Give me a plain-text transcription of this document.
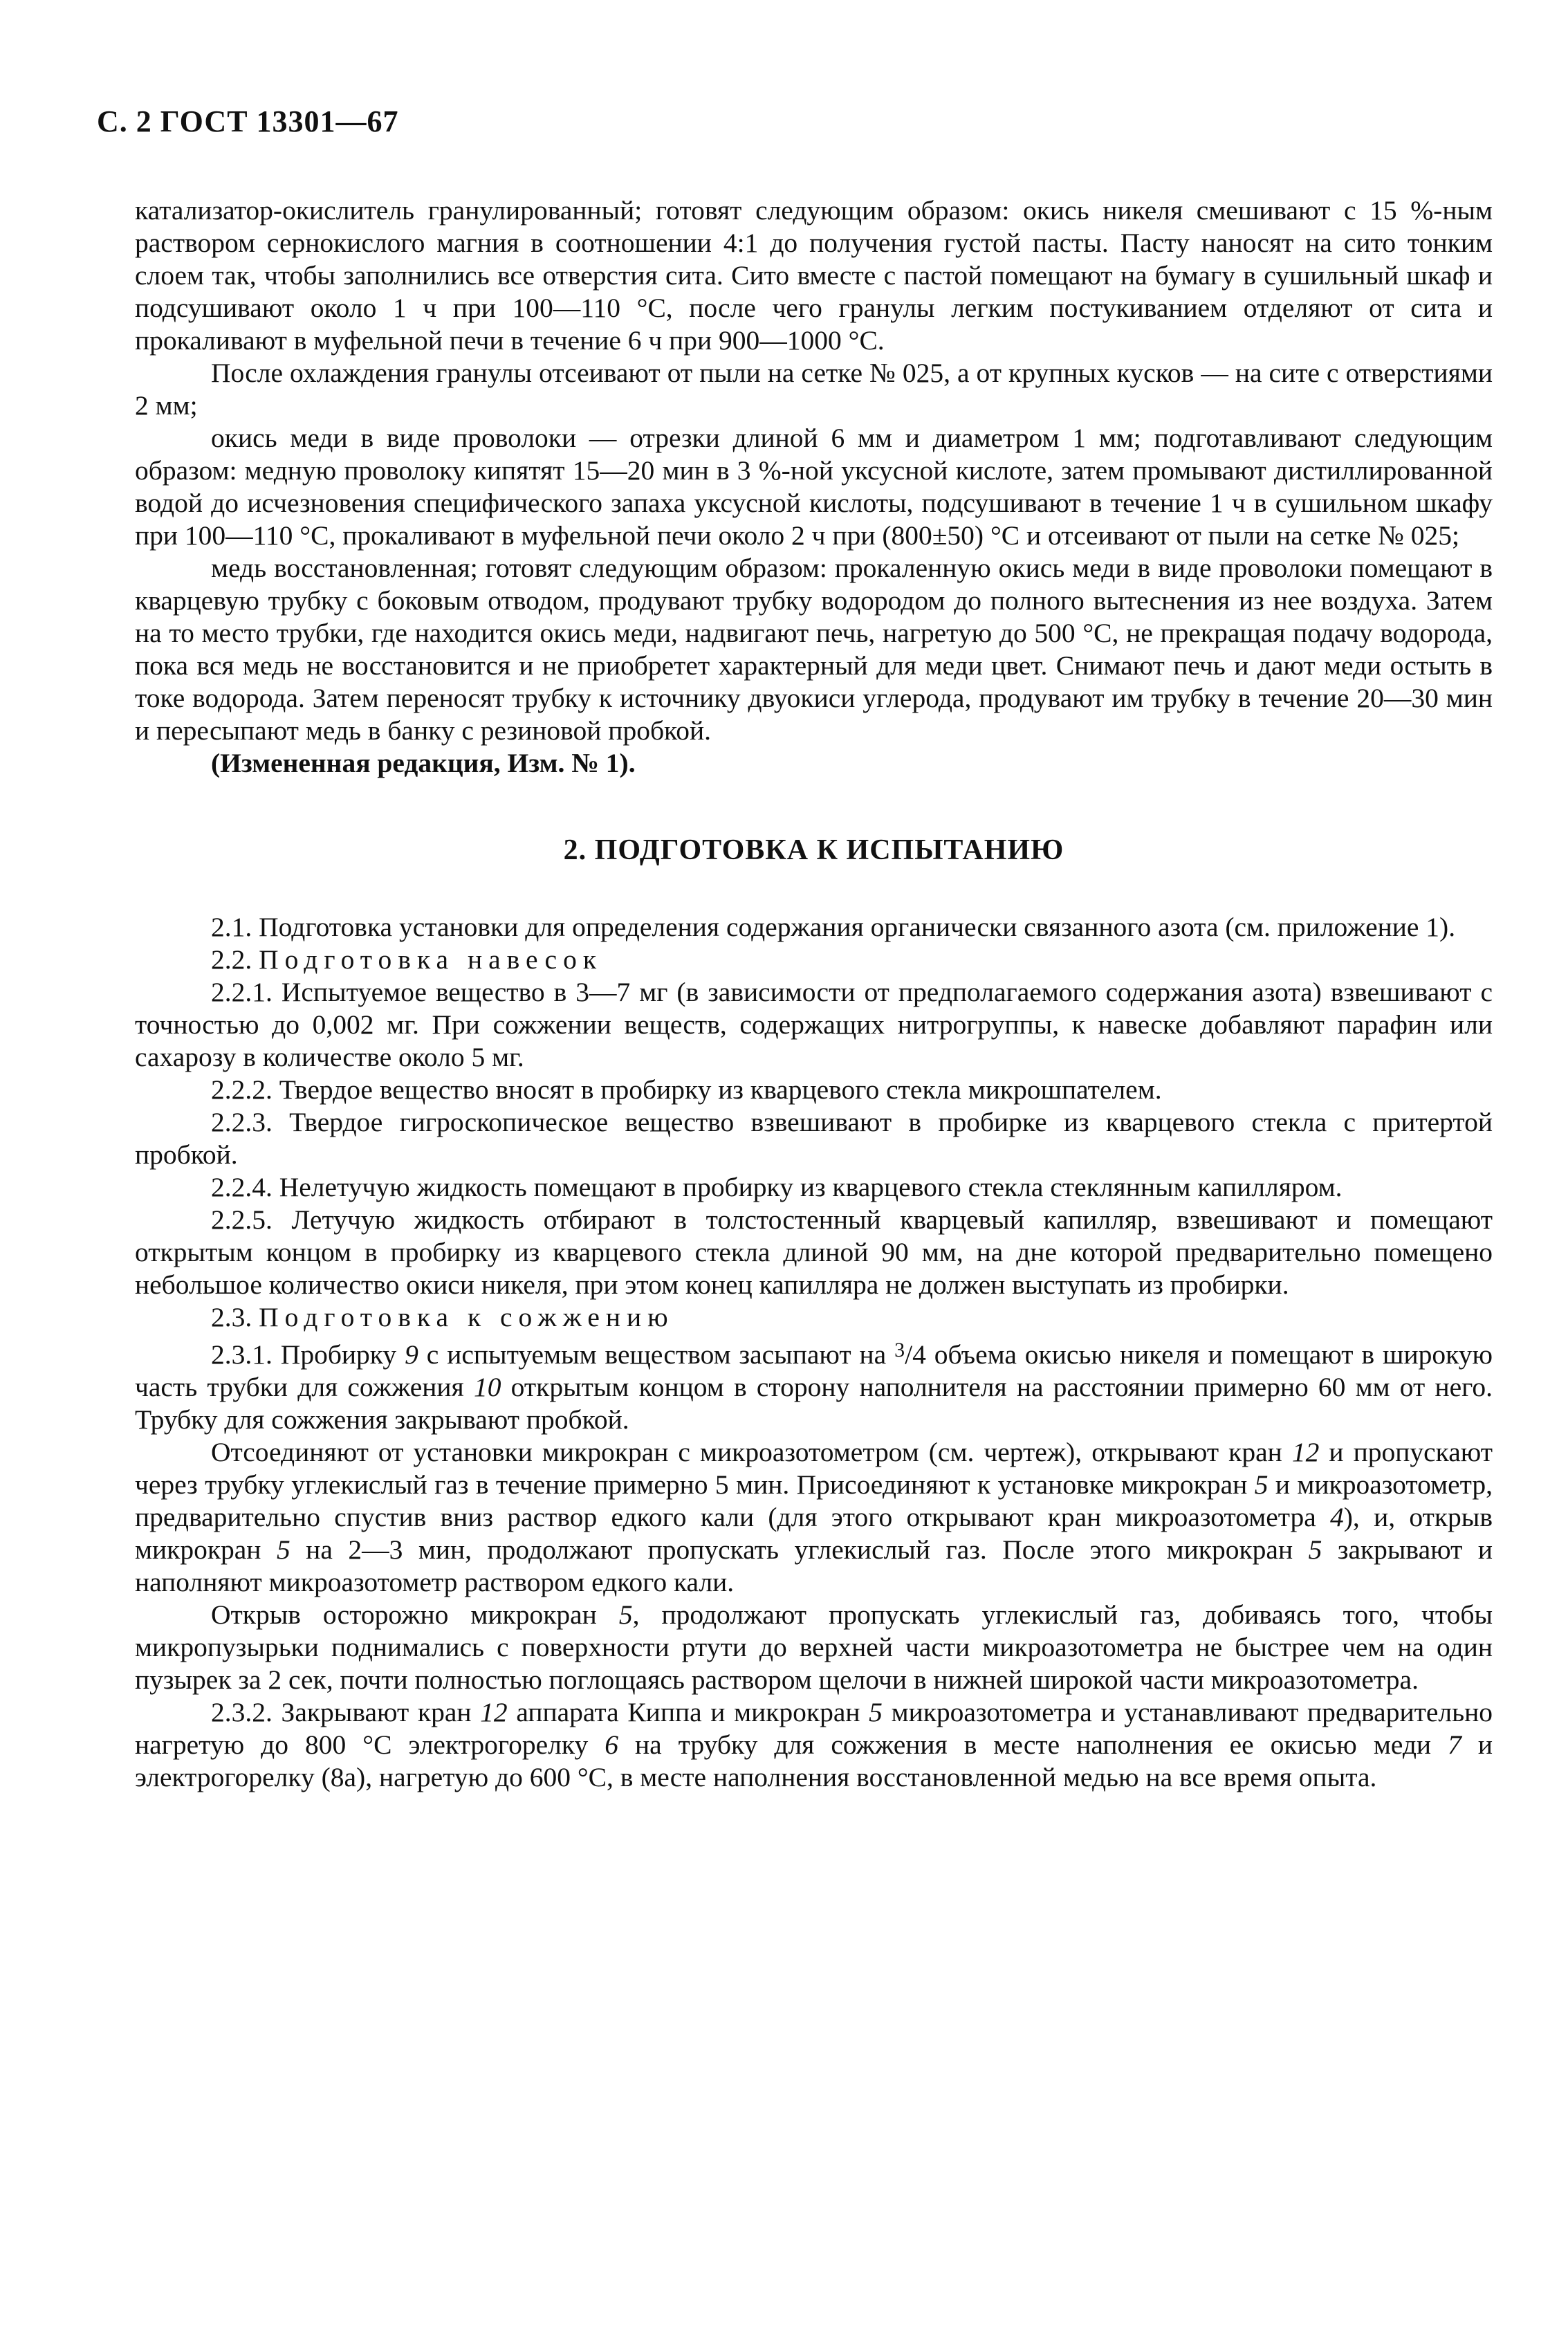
С. 2 ГОСТ 13301—67

катализатор-окислитель гранулированный; готовят следующим образом: окись никеля смешивают с 15 %-ным раствором сернокислого магния в соотношении 4:1 до получения густой пасты. Пасту наносят на сито тонким слоем так, чтобы заполнились все отверстия сита. Сито вместе с пастой помещают на бумагу в сушильный шкаф и подсушивают около 1 ч при 100—110 °С, после чего гранулы легким постукиванием отделяют от сита и прокаливают в муфельной печи в течение 6 ч при 900—1000 °С.

После охлаждения гранулы отсеивают от пыли на сетке № 025, а от крупных кусков — на сите с отверстиями 2 мм;

окись меди в виде проволоки — отрезки длиной 6 мм и диаметром 1 мм; подготавливают следующим образом: медную проволоку кипятят 15—20 мин в 3 %-ной уксусной кислоте, затем промывают дистиллированной водой до исчезновения специфического запаха уксусной кислоты, подсушивают в течение 1 ч в сушильном шкафу при 100—110 °С, прокаливают в муфельной печи около 2 ч при (800±50) °С и отсеивают от пыли на сетке № 025;

медь восстановленная; готовят следующим образом: прокаленную окись меди в виде проволоки помещают в кварцевую трубку с боковым отводом, продувают трубку водородом до полного вытеснения из нее воздуха. Затем на то место трубки, где находится окись меди, надвигают печь, нагретую до 500 °С, не прекращая подачу водорода, пока вся медь не восстановится и не приобретет характерный для меди цвет. Снимают печь и дают меди остыть в токе водорода. Затем переносят трубку к источнику двуокиси углерода, продувают им трубку в течение 20—30 мин и пересыпают медь в банку с резиновой пробкой.

(Измененная редакция, Изм. № 1).

2. ПОДГОТОВКА К ИСПЫТАНИЮ

2.1. Подготовка установки для определения содержания органически связанного азота (см. приложение 1).

2.2. Подготовка навесок

2.2.1. Испытуемое вещество в 3—7 мг (в зависимости от предполагаемого содержания азота) взвешивают с точностью до 0,002 мг. При сожжении веществ, содержащих нитрогруппы, к навеске добавляют парафин или сахарозу в количестве около 5 мг.

2.2.2. Твердое вещество вносят в пробирку из кварцевого стекла микрошпателем.

2.2.3. Твердое гигроскопическое вещество взвешивают в пробирке из кварцевого стекла с притертой пробкой.

2.2.4. Нелетучую жидкость помещают в пробирку из кварцевого стекла стеклянным капилляром.

2.2.5. Летучую жидкость отбирают в толстостенный кварцевый капилляр, взвешивают и помещают открытым концом в пробирку из кварцевого стекла длиной 90 мм, на дне которой предварительно помещено небольшое количество окиси никеля, при этом конец капилляра не должен выступать из пробирки.

2.3. Подготовка к сожжению

2.3.1. Пробирку 9 с испытуемым веществом засыпают на $^3$/4 объема окисью никеля и помещают в широкую часть трубки для сожжения 10 открытым концом в сторону наполнителя на расстоянии примерно 60 мм от него. Трубку для сожжения закрывают пробкой.

Отсоединяют от установки микрокран с микроазотометром (см. чертеж), открывают кран 12 и пропускают через трубку углекислый газ в течение примерно 5 мин. Присоединяют к установке микрокран 5 и микроазотометр, предварительно спустив вниз раствор едкого кали (для этого открывают кран микроазотометра 4), и, открыв микрокран 5 на 2—3 мин, продолжают пропускать углекислый газ. После этого микрокран 5 закрывают и наполняют микроазотометр раствором едкого кали.

Открыв осторожно микрокран 5, продолжают пропускать углекислый газ, добиваясь того, чтобы микропузырьки поднимались с поверхности ртути до верхней части микроазотометра не быстрее чем на один пузырек за 2 сек, почти полностью поглощаясь раствором щелочи в нижней широкой части микроазотометра.

2.3.2. Закрывают кран 12 аппарата Киппа и микрокран 5 микроазотометра и устанавливают предварительно нагретую до 800 °С электрогорелку 6 на трубку для сожжения в месте наполнения ее окисью меди 7 и электрогорелку (8а), нагретую до 600 °С, в месте наполнения восстановленной медью на все время опыта.
